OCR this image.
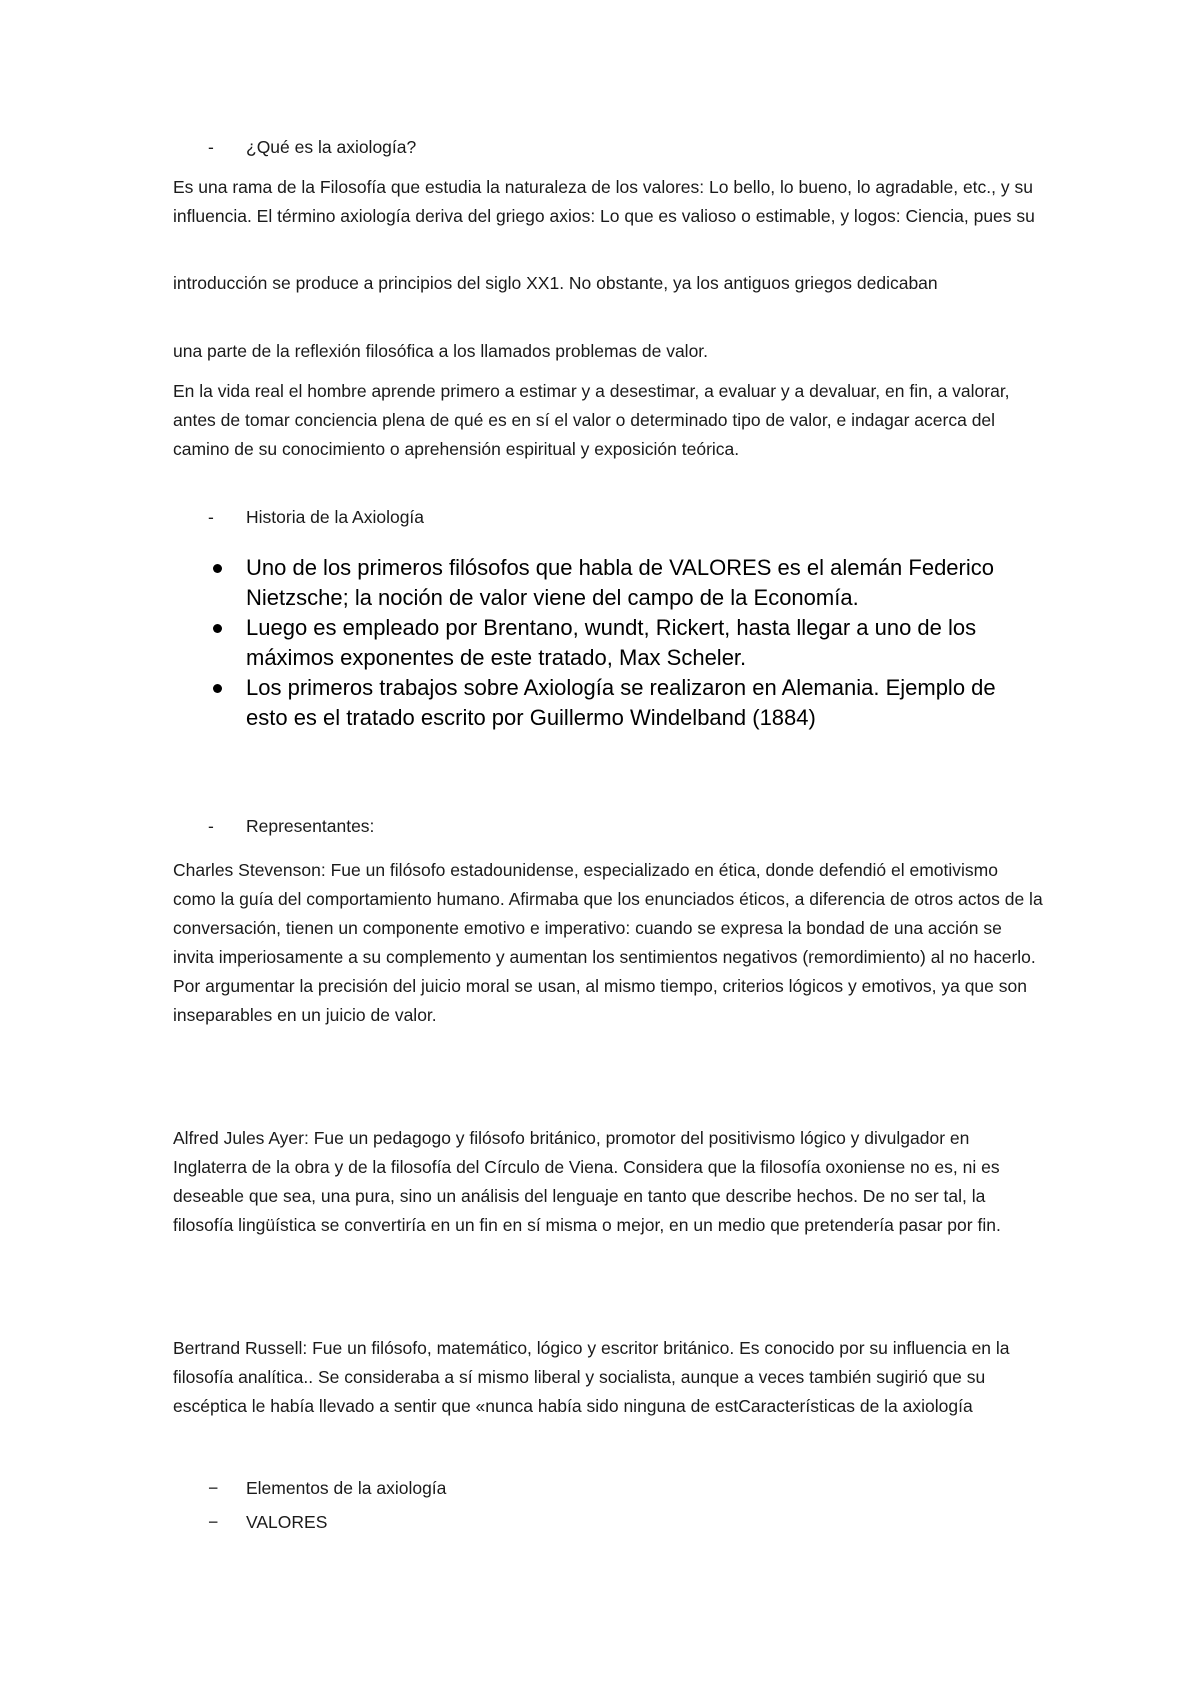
- ¿Qué es la axiología?

Es una rama de la Filosofía que estudia la naturaleza de los valores: Lo bello, lo bueno, lo agradable, etc., y su influencia. El término axiología deriva del griego axios: Lo que es valioso o estimable, y logos: Ciencia, pues su

introducción se produce a principios del siglo XX1. No obstante, ya los antiguos griegos dedicaban

una parte de la reflexión filosófica a los llamados problemas de valor.

En la vida real el hombre aprende primero a estimar y a desestimar, a evaluar y a devaluar, en fin, a valorar, antes de tomar conciencia plena de qué es en sí el valor o determinado tipo de valor, e indagar acerca del camino de su conocimiento o aprehensión espiritual y exposición teórica.

- Historia de la Axiología
Uno de los primeros filósofos que habla de VALORES es el alemán Federico Nietzsche; la noción de valor viene del campo de la Economía.
Luego es empleado por Brentano, wundt, Rickert, hasta llegar a uno de los máximos exponentes de este tratado, Max Scheler.
Los primeros trabajos sobre Axiología se realizaron en Alemania. Ejemplo de esto es el tratado escrito por Guillermo Windelband (1884)
- Representantes:

Charles Stevenson: Fue un filósofo estadounidense, especializado en ética, donde defendió el emotivismo como la guía del comportamiento humano. Afirmaba que los enunciados éticos, a diferencia de otros actos de la conversación, tienen un componente emotivo e imperativo: cuando se expresa la bondad de una acción se invita imperiosamente a su complemento y aumentan los sentimientos negativos (remordimiento) al no hacerlo. Por argumentar la precisión del juicio moral se usan, al mismo tiempo, criterios lógicos y emotivos, ya que son inseparables en un juicio de valor.

Alfred Jules Ayer: Fue un pedagogo y filósofo británico, promotor del positivismo lógico y divulgador en Inglaterra de la obra y de la filosofía del Círculo de Viena. Considera que la filosofía oxoniense no es, ni es deseable que sea, una pura, sino un análisis del lenguaje en tanto que describe hechos. De no ser tal, la filosofía lingüística se convertiría en un fin en sí misma o mejor, en un medio que pretendería pasar por fin.

Bertrand Russell: Fue un filósofo, matemático, lógico y escritor británico. Es conocido por su influencia en la filosofía analítica.. Se consideraba a sí mismo liberal y socialista, aunque a veces también sugirió que su escéptica le había llevado a sentir que «nunca había sido ninguna de estCaracterísticas de la axiología

− Elementos de la axiología
− VALORES
